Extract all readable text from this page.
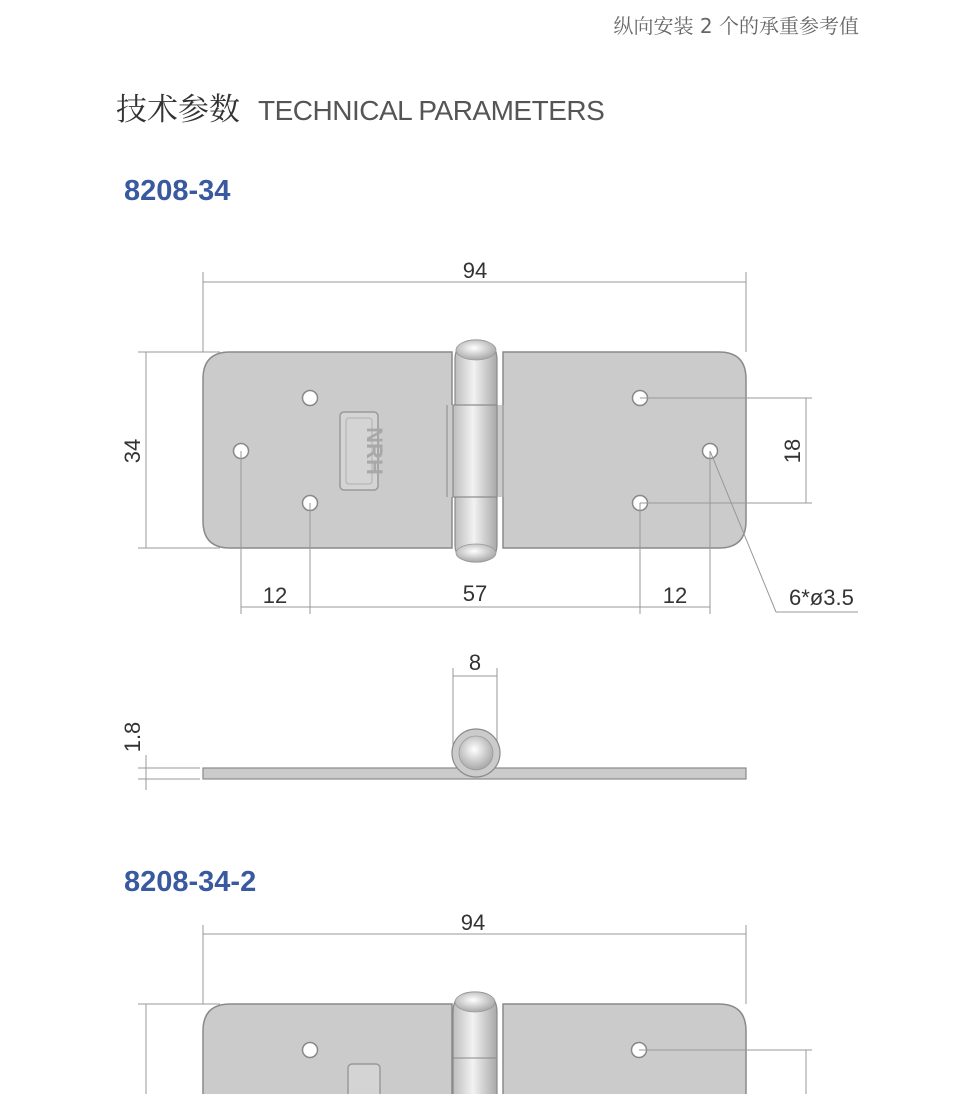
纵向安装 2 个的承重参考值
技术参数 TECHNICAL PARAMETERS
8208-34
94
34	NRH	18
12	57	12	6*ø3.5
8
1.8
8208-34-2
94
